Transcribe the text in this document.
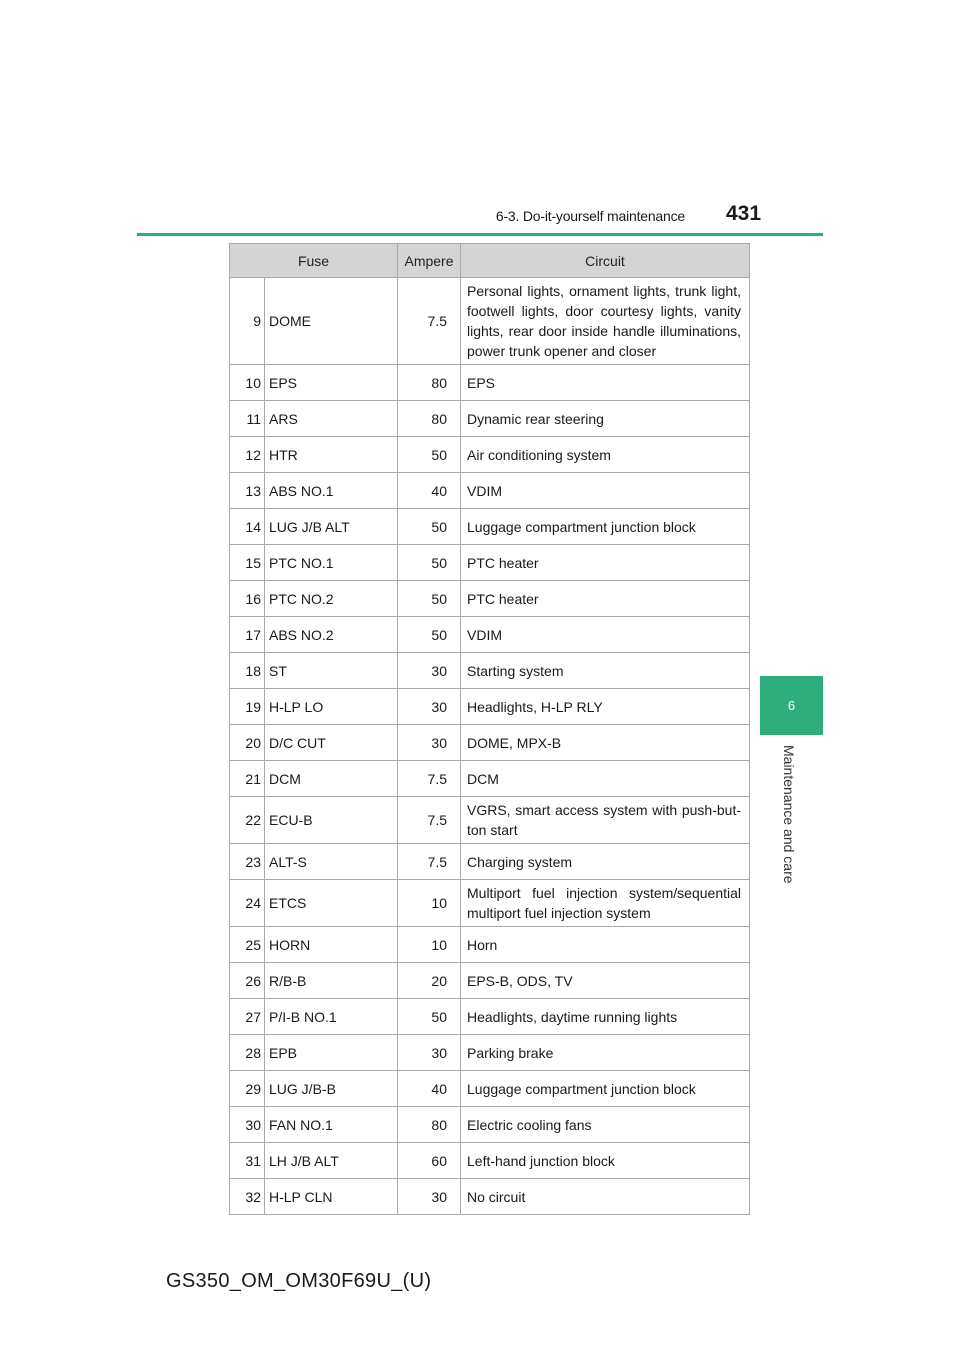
6-3. Do-it-yourself maintenance 431
6
Maintenance and care
Fuse		Ampere	Circuit
9	DOME	7.5	Personal lights, ornament lights, trunk light, footwell lights, door courtesy lights, vanity lights, rear door inside handle illuminations, power trunk opener and closer
10	EPS	80	EPS
11	ARS	80	Dynamic rear steering
12	HTR	50	Air conditioning system
13	ABS NO.1	40	VDIM
14	LUG J/B ALT	50	Luggage compartment junction block
15	PTC NO.1	50	PTC heater
16	PTC NO.2	50	PTC heater
17	ABS NO.2	50	VDIM
18	ST	30	Starting system
19	H-LP LO	30	Headlights, H-LP RLY
20	D/C CUT	30	DOME, MPX-B
21	DCM	7.5	DCM
22	ECU-B	7.5	VGRS, smart access system with push-but-ton start
23	ALT-S	7.5	Charging system
24	ETCS	10	Multiport fuel injection system/sequential multiport fuel injection system
25	HORN	10	Horn
26	R/B-B	20	EPS-B, ODS, TV
27	P/I-B NO.1	50	Headlights, daytime running lights
28	EPB	30	Parking brake
29	LUG J/B-B	40	Luggage compartment junction block
30	FAN NO.1	80	Electric cooling fans
31	LH J/B ALT	60	Left-hand junction block
32	H-LP CLN	30	No circuit
GS350_OM_OM30F69U_(U)
